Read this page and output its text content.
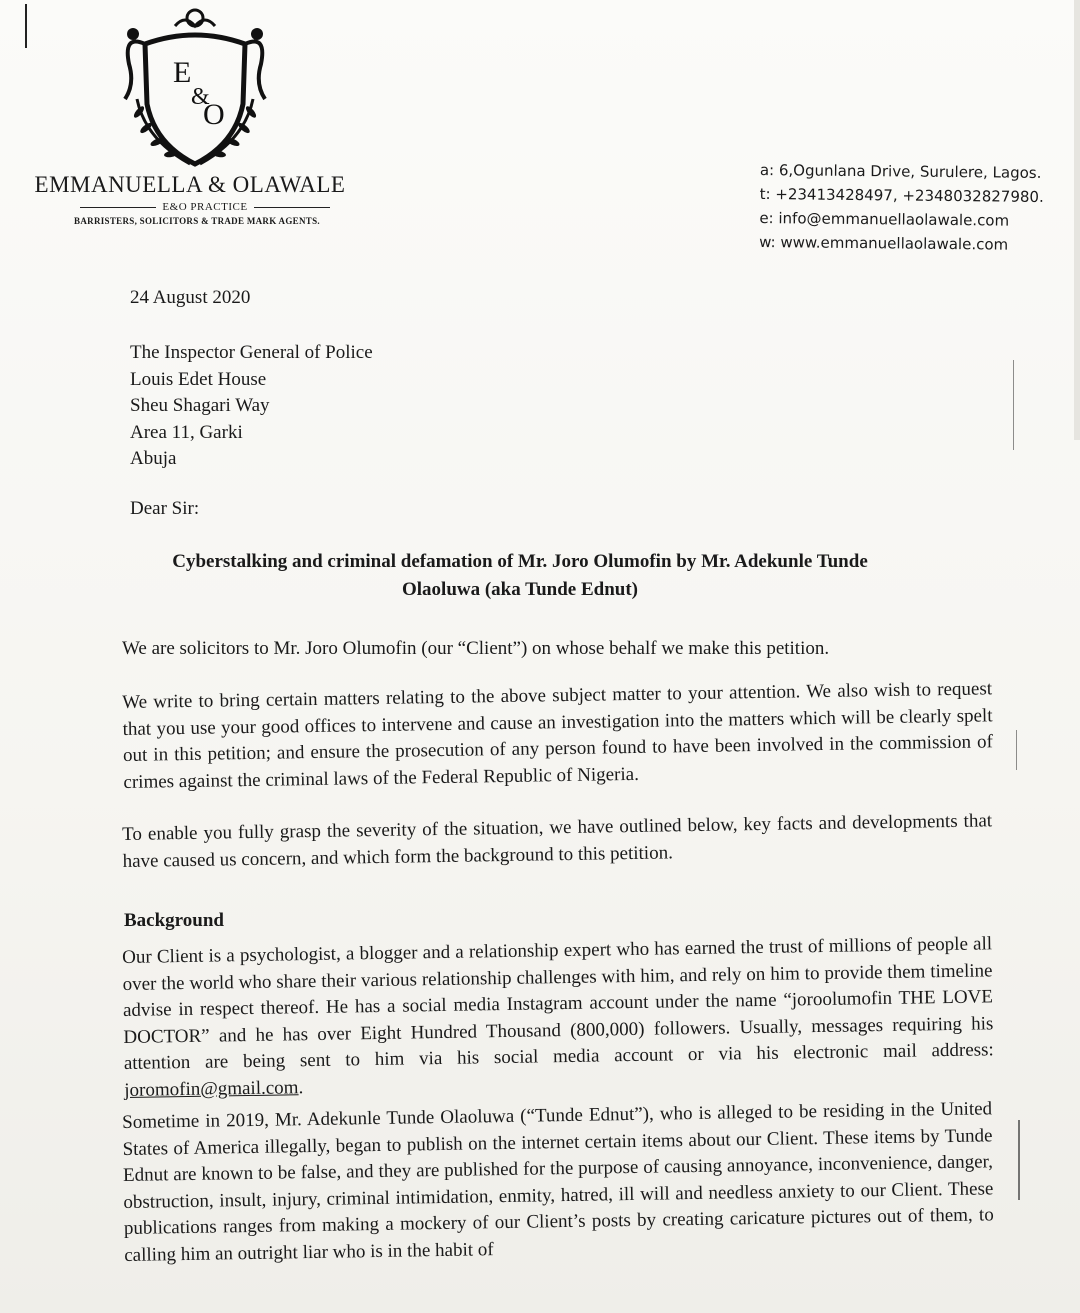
E
&
O
EMMANUELLA & OLAWALE
E&O PRACTICE
BARRISTERS, SOLICITORS & TRADE MARK AGENTS.
a: 6,Ogunlana Drive, Surulere, Lagos.
t: +23413428497, +2348032827980.
e: info@emmanuellaolawale.com
w: www.emmanuellaolawale.com
24 August 2020
The Inspector General of Police
Louis Edet House
Sheu Shagari Way
Area 11, Garki
Abuja
Dear Sir:
Cyberstalking and criminal defamation of Mr. Joro Olumofin by Mr. Adekunle Tunde
Olaoluwa (aka Tunde Ednut)
We are solicitors to Mr. Joro Olumofin (our “Client”) on whose behalf we make this petition.
We write to bring certain matters relating to the above subject matter to your attention. We also wish to request that you use your good offices to intervene and cause an investigation into the matters which will be clearly spelt out in this petition; and ensure the prosecution of any person found to have been involved in the commission of crimes against the criminal laws of the Federal Republic of Nigeria.
To enable you fully grasp the severity of the situation, we have outlined below, key facts and developments that have caused us concern, and which form the background to this petition.
Background
Our Client is a psychologist, a blogger and a relationship expert who has earned the trust of millions of people all over the world who share their various relationship challenges with him, and rely on him to provide them timeline advise in respect thereof. He has a social media Instagram account under the name “joroolumofin THE LOVE DOCTOR” and he has over Eight Hundred Thousand (800,000) followers. Usually, messages requiring his attention are being sent to him via his social media account or via his electronic mail address: joromofin@gmail.com.
Sometime in 2019, Mr. Adekunle Tunde Olaoluwa (“Tunde Ednut”), who is alleged to be residing in the United States of America illegally, began to publish on the internet certain items about our Client. These items by Tunde Ednut are known to be false, and they are published for the purpose of causing annoyance, inconvenience, danger, obstruction, insult, injury, criminal intimidation, enmity, hatred, ill will and needless anxiety to our Client. These publications ranges from making a mockery of our Client’s posts by creating caricature pictures out of them, to calling him an outright liar who is in the habit of
